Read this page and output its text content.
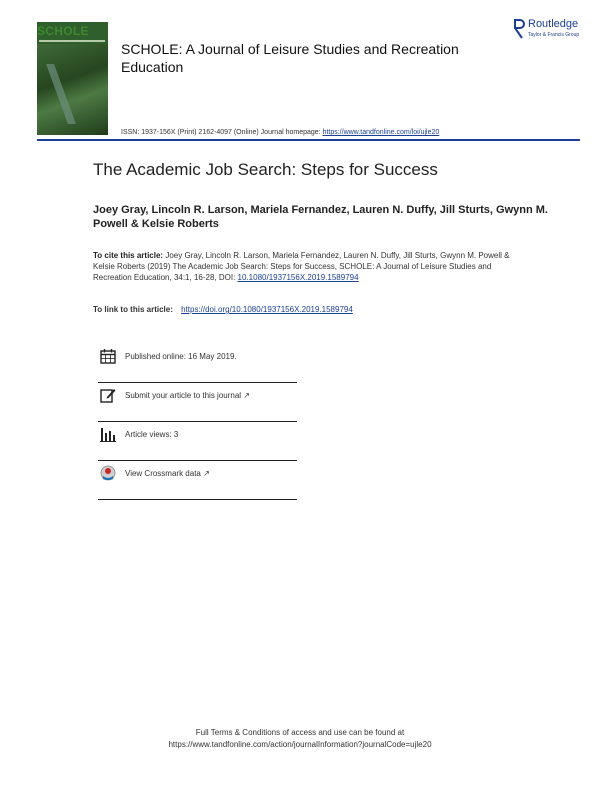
SCHOLE
SCHOLE: A Journal of Leisure Studies and Recreation Education
Routledge
Taylor & Francis Group
ISSN: 1937-156X (Print) 2162-4097 (Online) Journal homepage: https://www.tandfonline.com/loi/ujle20
The Academic Job Search: Steps for Success
Joey Gray, Lincoln R. Larson, Mariela Fernandez, Lauren N. Duffy, Jill Sturts, Gwynn M. Powell & Kelsie Roberts
To cite this article: Joey Gray, Lincoln R. Larson, Mariela Fernandez, Lauren N. Duffy, Jill Sturts, Gwynn M. Powell & Kelsie Roberts (2019) The Academic Job Search: Steps for Success, SCHOLE: A Journal of Leisure Studies and Recreation Education, 34:1, 16-28, DOI: 10.1080/1937156X.2019.1589794
To link to this article: https://doi.org/10.1080/1937156X.2019.1589794
Published online: 16 May 2019.
Submit your article to this journal ↗
Article views: 3
View Crossmark data ↗
Full Terms & Conditions of access and use can be found at
https://www.tandfonline.com/action/journalInformation?journalCode=ujle20
